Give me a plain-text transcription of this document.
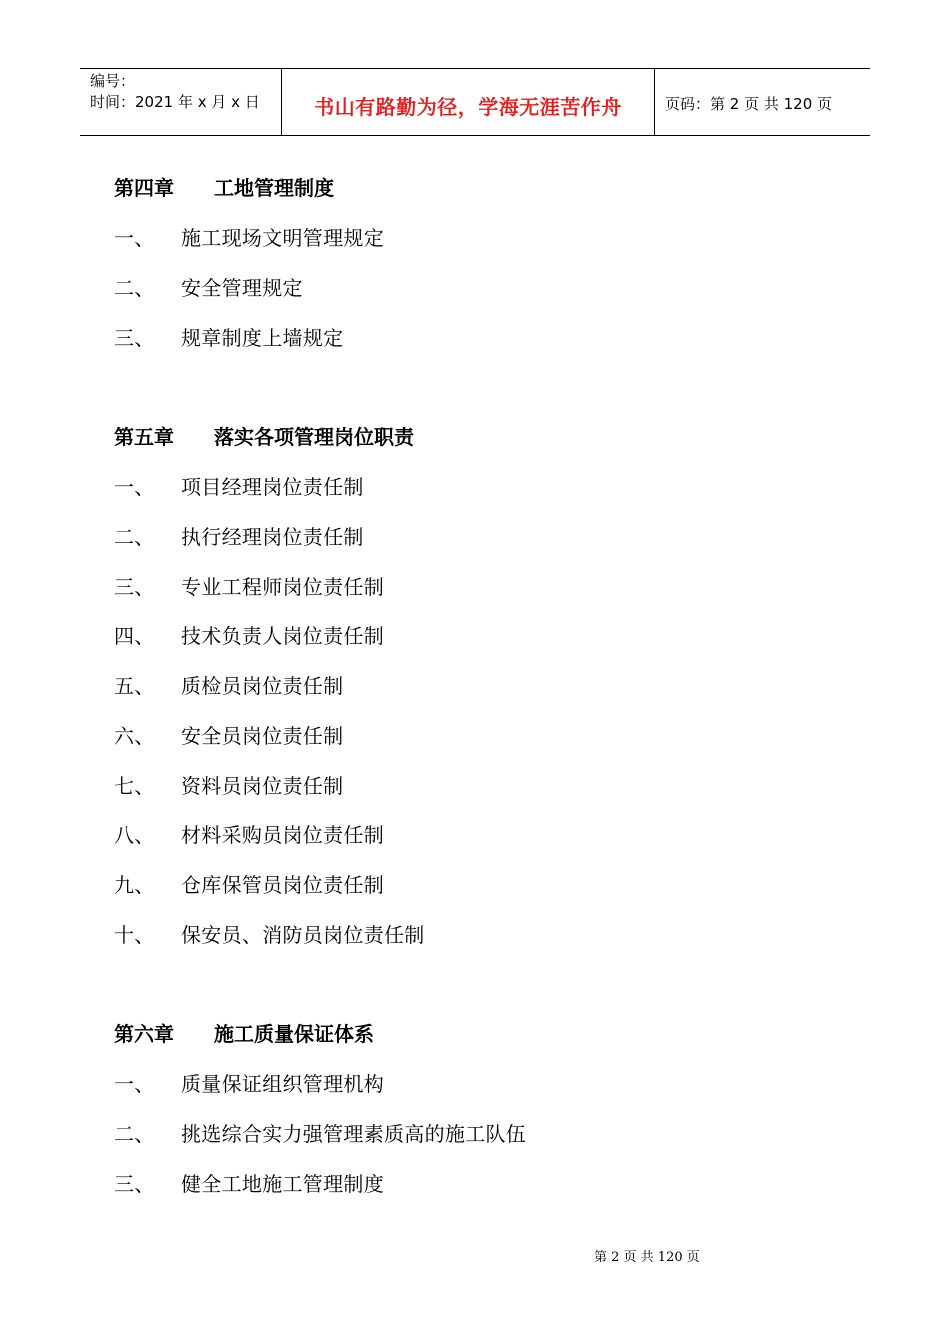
编号：
时间：2021 年 x 月 x 日	书山有路勤为径，学海无涯苦作舟	页码：第 2 页 共 120 页
第四章 工地管理制度
一、 施工现场文明管理规定
二、 安全管理规定
三、 规章制度上墙规定
第五章 落实各项管理岗位职责
一、 项目经理岗位责任制
二、 执行经理岗位责任制
三、 专业工程师岗位责任制
四、 技术负责人岗位责任制
五、 质检员岗位责任制
六、 安全员岗位责任制
七、 资料员岗位责任制
八、 材料采购员岗位责任制
九、 仓库保管员岗位责任制
十、 保安员、消防员岗位责任制
第六章 施工质量保证体系
一、 质量保证组织管理机构
二、 挑选综合实力强管理素质高的施工队伍
三、 健全工地施工管理制度
第 2 页 共 120 页
